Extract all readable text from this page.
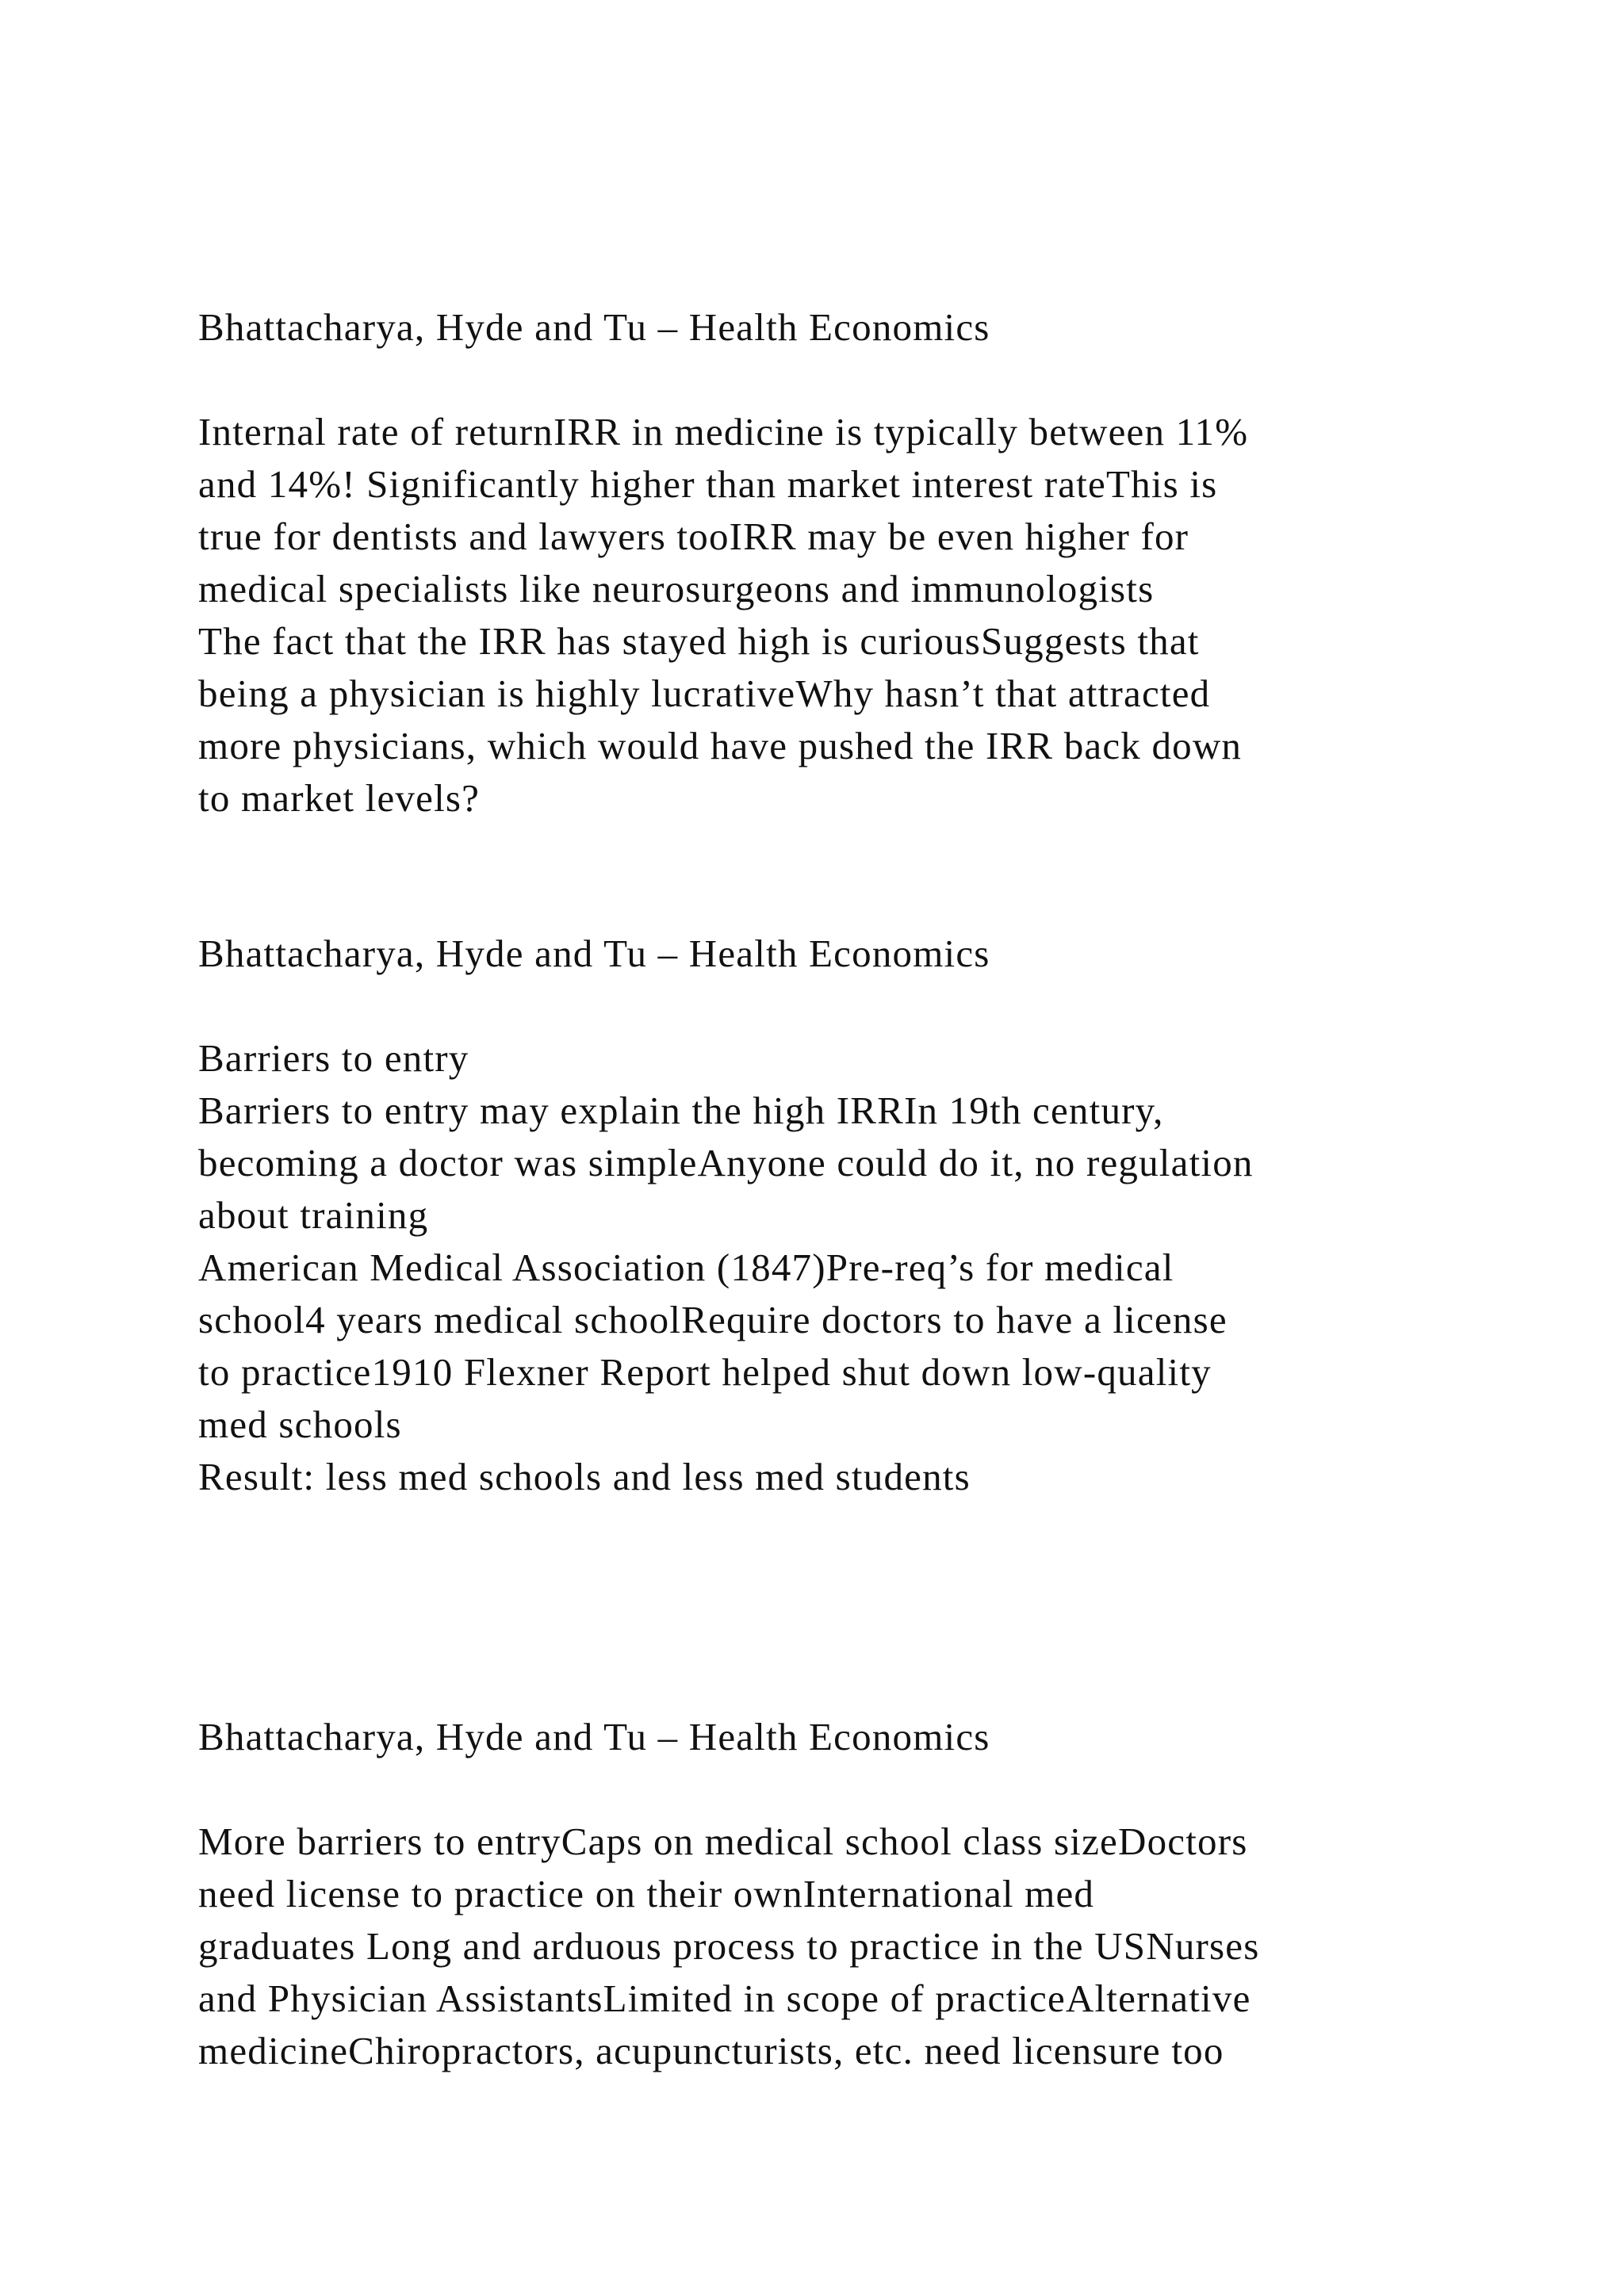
Bhattacharya, Hyde and Tu – Health Economics

Internal rate of returnIRR in medicine is typically between 11%

and 14%! Significantly higher than market interest rateThis is

true for dentists and lawyers tooIRR may be even higher for

medical specialists like neurosurgeons and immunologists

The fact that the IRR has stayed high is curiousSuggests that

being a physician is highly lucrativeWhy hasn’t that attracted

more physicians, which would have pushed the IRR back down

to market levels?

Bhattacharya, Hyde and Tu – Health Economics

Barriers to entry

Barriers to entry may explain the high IRRIn 19th century,

becoming a doctor was simpleAnyone could do it, no regulation

about training

American Medical Association (1847)Pre-req’s for medical

school4 years medical schoolRequire doctors to have a license

to practice1910 Flexner Report helped shut down low-quality

med schools

Result: less med schools and less med students

Bhattacharya, Hyde and Tu – Health Economics

More barriers to entryCaps on medical school class sizeDoctors

need license to practice on their ownInternational med

graduates Long and arduous process to practice in the USNurses

and Physician AssistantsLimited in scope of practiceAlternative

medicineChiropractors, acupuncturists, etc. need licensure too
